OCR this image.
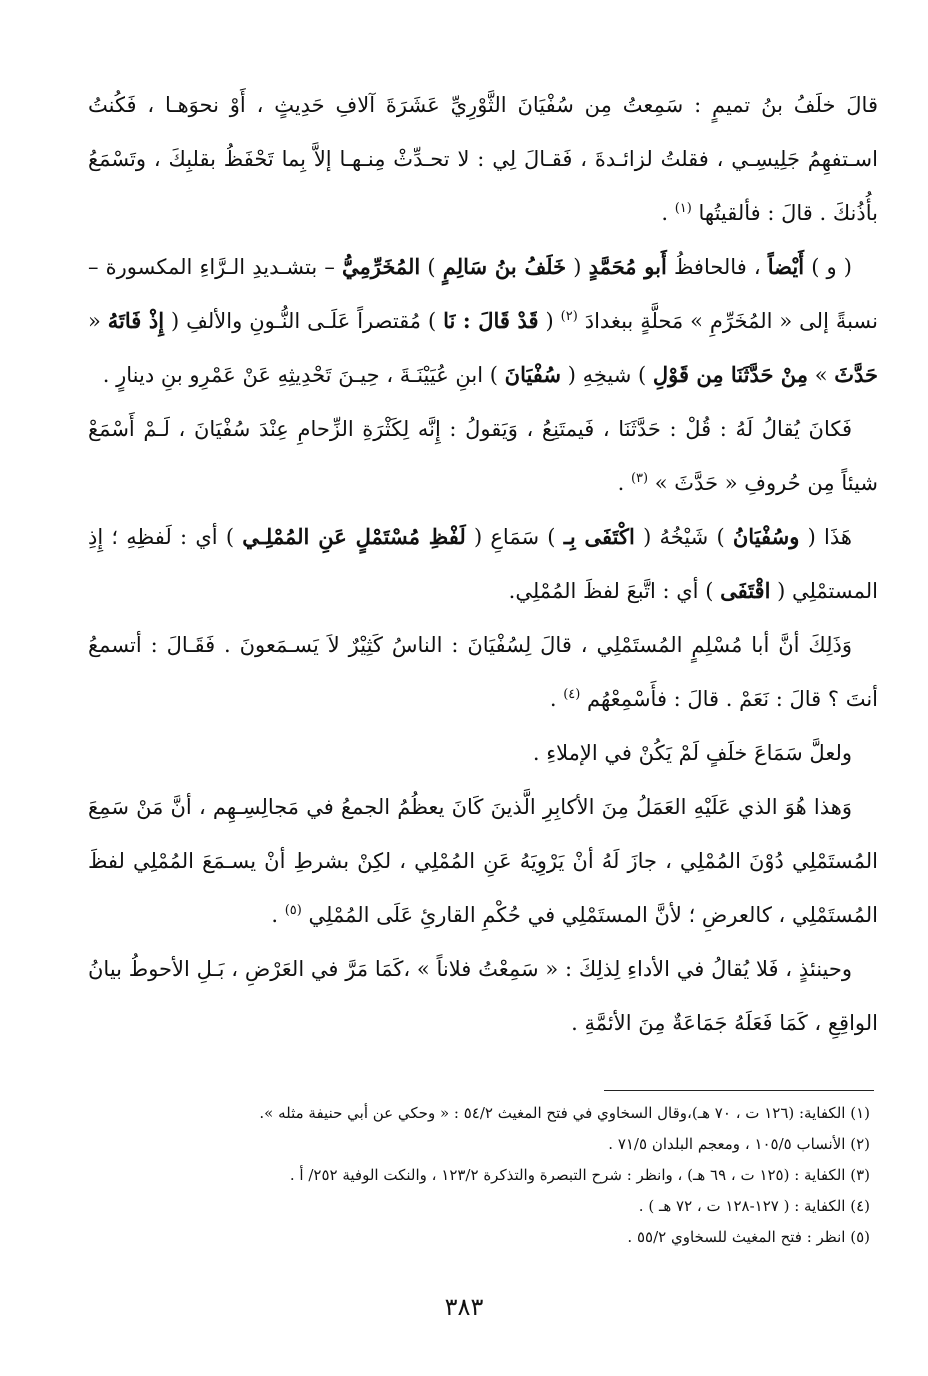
قالَ خلَفُ بنُ تميمٍ : سَمِعتُ مِن سُفْيَانَ الثَّوْرِيِّ عَشَرَةَ آلافِ حَدِيثٍ ، أَوْ نحوَهـا ، فَكُنتُ اسـتفهِمُ جَلِيسِـي ، فقلتُ لزائـدةَ ، فَقـالَ لِي : لا تحـدِّثْ مِنـهـا إلاَّ بِما تَحْفَظُ بقلبِكَ ، وتَسْمَعُ بأُذُنكَ . قالَ : فألقيتُها $^{(١)}$ .

( و ) أَيْضاً ، فالحافظُ أَبو مُحَمَّدٍ ( خَلَفُ بنُ سَالِمٍ ) المُخَرِّمِيُّ – بتشـديدِ الـرَّاءِ المكسورة – نسبةً إلى « المُخَرِّمِ » مَحلَّةٍ ببغدادَ $^{(٢)}$ ( قَدْ قَالَ : نَا ) مُقتصراً عَلَـى النُّـونِ والألفِ ( إِذْ فَاتَهُ « حَدَّثَ » مِنْ حَدَّثَنَا مِن قَوْلِ ) شيخِهِ ( سُفْيَانَ ) ابنِ عُيَيْنَـةَ ، حِيـنَ تَحْدِيثِهِ عَنْ عَمْرِو بنِ دينارٍ .

فَكانَ يُقالُ لَهُ : قُلْ : حَدَّثَنَا ، فَيمتَنِعُ ، وَيَقولُ : إِنَّه لِكَثْرَةِ الزِّحامِ عِنْدَ سُفْيَانَ ، لَـمْ أَسْمَعْ شيئاً مِن حُروفِ « حَدَّثَ » $^{(٣)}$ .

هَذَا ( وسُفْيَانُ ) شَيْخُهُ ( اكْتَفَى بِـ ) سَمَاعِ ( لَفْظِ مُسْتَمْلٍ عَنِ المُمْلِـي ) أي : لَفظِهِ ؛ إِذِ المستمْلِي ( اقْتَفَى ) أي : اتَّبعَ لفظَ المُمْلِي.

وَذَلِكَ أنَّ أبا مُسْلِمٍ المُستَمْلِي ، قالَ لِسُفْيَانَ : الناسُ كَثِيْرٌ لاَ يَسـمَعونَ . فَقَـالَ : أتسمعُ أنتَ ؟ قالَ : نَعَمْ . قالَ : فأَسْمِعْهُم $^{(٤)}$ .

ولعلَّ سَمَاعَ خلَفٍ لَمْ يَكُنْ في الإملاءِ .

وَهذا هُوَ الذي عَلَيْهِ العَمَلُ مِنَ الأكابِرِ الَّذينَ كَانَ يعظُمُ الجمعُ في مَجالِسِـهِم ، أنَّ مَنْ سَمِعَ المُستَمْلِي دُوْنَ المُمْلِي ، جازَ لَهُ أنْ يَرْوِيَهُ عَنِ المُمْلِي ، لكِنْ بشرطِ أنْ يسـمَعَ المُمْلِي لفظَ المُستَمْلِي ، كالعرضِ ؛ لأنَّ المستَمْلِي في حُكْمِ القارئِ عَلَى المُمْلِي $^{(٥)}$ .

وحينئذٍ ، فَلا يُقالُ في الأداءِ لِذلِكَ : « سَمِعْتُ فلاناً » ،كَمَا مَرَّ في العَرْضِ ، بَـلِ الأحوطُ بيانُ الواقِعِ ، كَمَا فَعَلَهُ جَمَاعَةٌ مِنَ الأئمَّةِ .

(١) الكفاية: (١٢٦ ت ، ٧٠ هـ)،وقال السخاوي في فتح المغيث ٥٤/٢ : « وحكي عن أبي حنيفة مثله ».

(٢) الأنساب ١٠٥/٥ ، ومعجم البلدان ٧١/٥ .

(٣) الكفاية : (١٢٥ ت ، ٦٩ هـ) ، وانظر : شرح التبصرة والتذكرة ١٢٣/٢ ، والنكت الوفية ٢٥٢/ أ .

(٤) الكفاية : ( ١٢٧-١٢٨ ت ، ٧٢ هـ ) .

(٥) انظر : فتح المغيث للسخاوي ٥٥/٢ .

٣٨٣
